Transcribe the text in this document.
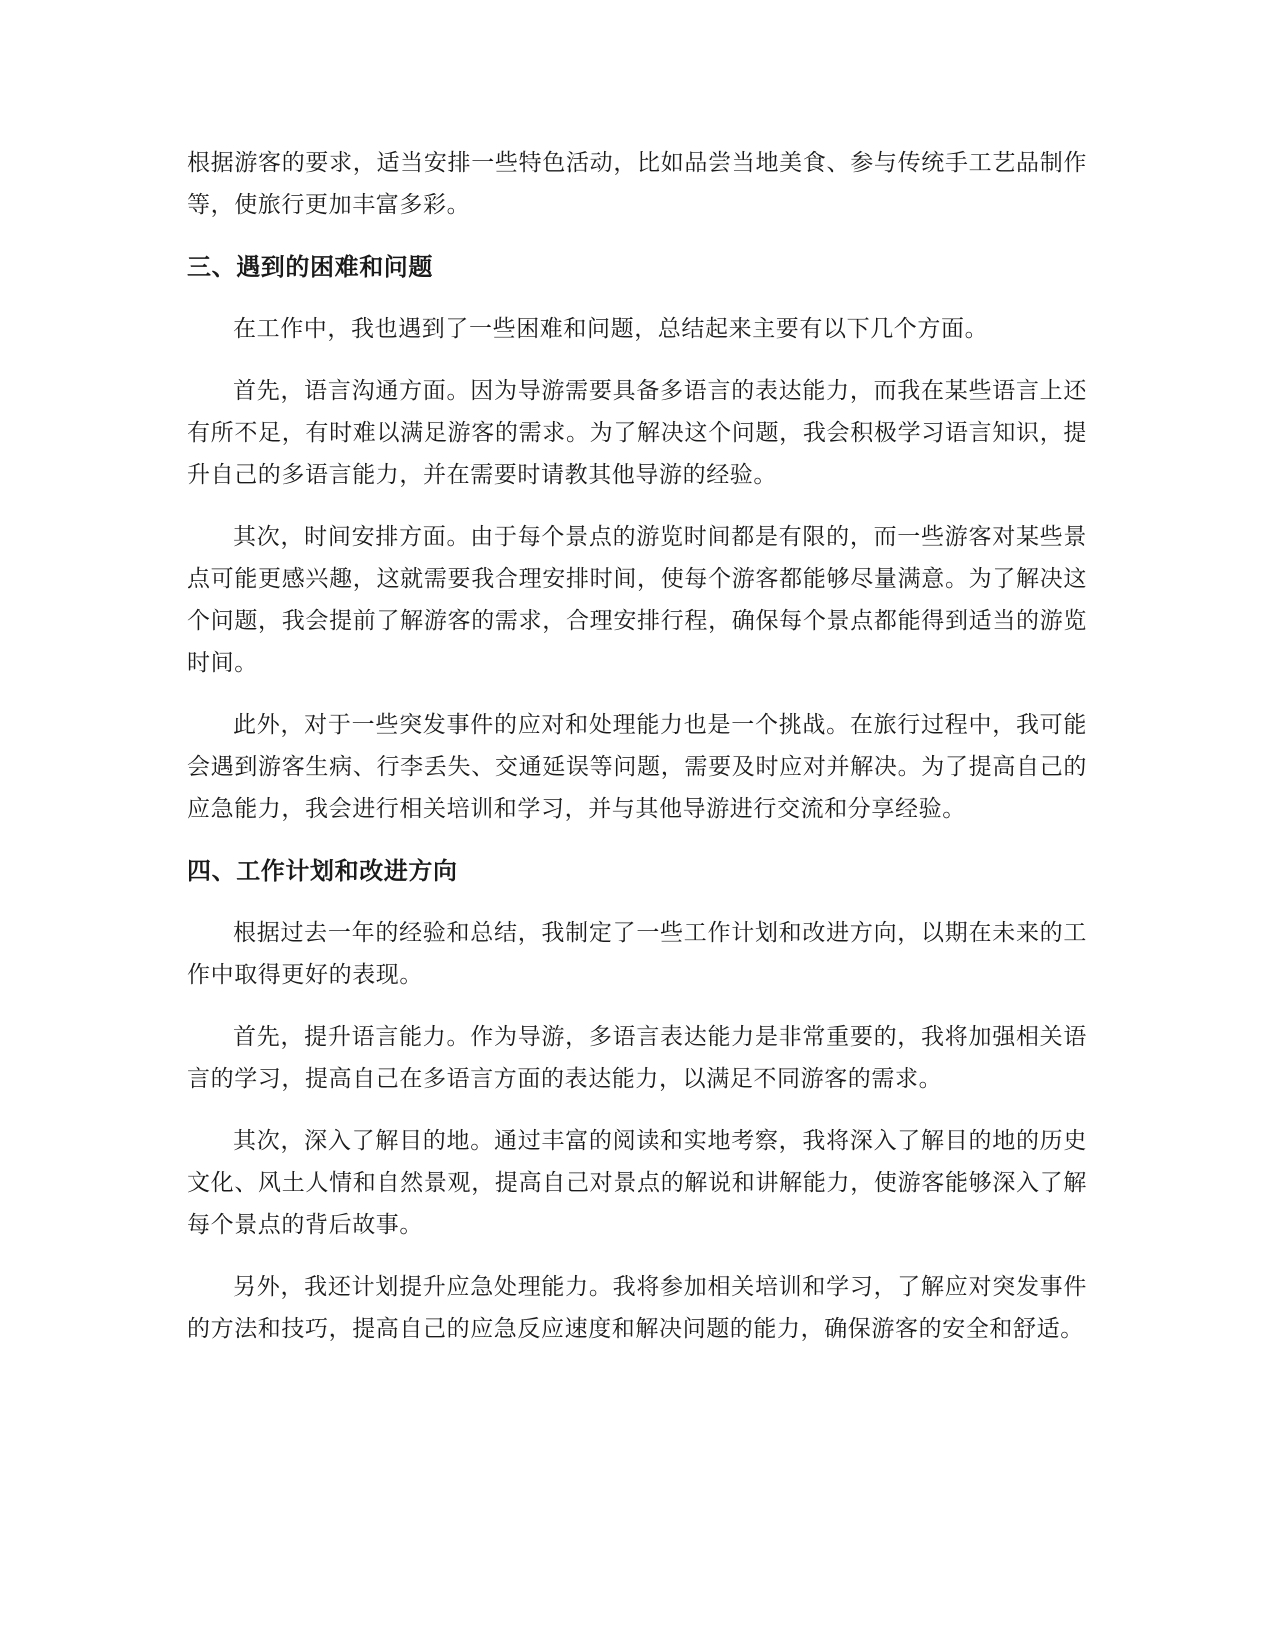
根据游客的要求，适当安排一些特色活动，比如品尝当地美食、参与传统手工艺品制作等，使旅行更加丰富多彩。

三、遇到的困难和问题

在工作中，我也遇到了一些困难和问题，总结起来主要有以下几个方面。

首先，语言沟通方面。因为导游需要具备多语言的表达能力，而我在某些语言上还有所不足，有时难以满足游客的需求。为了解决这个问题，我会积极学习语言知识，提升自己的多语言能力，并在需要时请教其他导游的经验。

其次，时间安排方面。由于每个景点的游览时间都是有限的，而一些游客对某些景点可能更感兴趣，这就需要我合理安排时间，使每个游客都能够尽量满意。为了解决这个问题，我会提前了解游客的需求，合理安排行程，确保每个景点都能得到适当的游览时间。

此外，对于一些突发事件的应对和处理能力也是一个挑战。在旅行过程中，我可能会遇到游客生病、行李丢失、交通延误等问题，需要及时应对并解决。为了提高自己的应急能力，我会进行相关培训和学习，并与其他导游进行交流和分享经验。

四、工作计划和改进方向

根据过去一年的经验和总结，我制定了一些工作计划和改进方向，以期在未来的工作中取得更好的表现。

首先，提升语言能力。作为导游，多语言表达能力是非常重要的，我将加强相关语言的学习，提高自己在多语言方面的表达能力，以满足不同游客的需求。

其次，深入了解目的地。通过丰富的阅读和实地考察，我将深入了解目的地的历史文化、风土人情和自然景观，提高自己对景点的解说和讲解能力，使游客能够深入了解每个景点的背后故事。

另外，我还计划提升应急处理能力。我将参加相关培训和学习，了解应对突发事件的方法和技巧，提高自己的应急反应速度和解决问题的能力，确保游客的安全和舒适。
